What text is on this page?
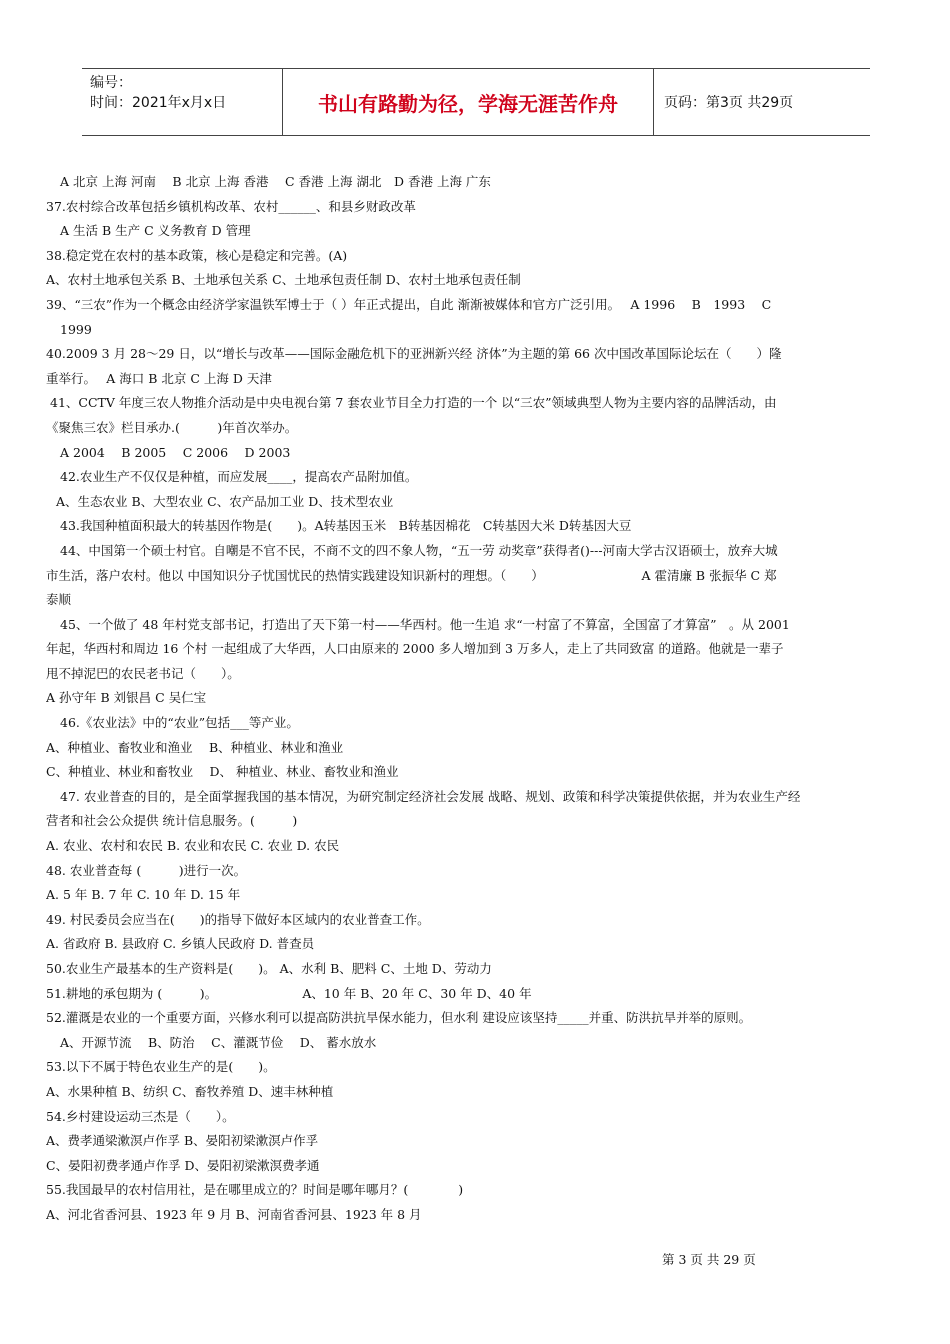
编号：
时间：2021年x月x日	书山有路勤为径，学海无涯苦作舟	页码：第3页 共29页
A 北京 上海 河南　 B 北京 上海 香港　 C 香港 上海 湖北　D 香港 上海 广东
37.农村综合改革包括乡镇机构改革、农村______、和县乡财政改革
A 生活 B 生产 C 义务教育 D 管理
38.稳定党在农村的基本政策，核心是稳定和完善。(A)
A、农村土地承包关系 B、土地承包关系 C、土地承包责任制 D、农村土地承包责任制
39、“三农”作为一个概念由经济学家温铁军博士于（ ）年正式提出，自此 渐渐被媒体和官方广泛引用。　 A 1996　 B　1993　 C
1999
40.2009 3 月 28～29 日，以“增长与改革——国际金融危机下的亚洲新兴经 济体”为主题的第 66 次中国改革国际论坛在（　　）隆
重举行。　 A 海口 B 北京 C 上海 D 天津
41、CCTV 年度三农人物推介活动是中央电视台第 7 套农业节目全力打造的一个 以“三农”领域典型人物为主要内容的品牌活动，由
《聚焦三农》栏目承办.(　　　)年首次举办。
A 2004　 B 2005　 C 2006　 D 2003
42.农业生产不仅仅是种植，而应发展____，提高农产品附加值。
A、生态农业 B、大型农业 C、农产品加工业 D、技术型农业
43.我国种植面积最大的转基因作物是(　　)。A转基因玉米　B转基因棉花　C转基因大米 D转基因大豆
44、中国第一个硕士村官。自嘲是不官不民，不商不文的四不象人物，“五一劳 动奖章”获得者()---河南大学古汉语硕士，放弃大城
市生活，落户农村。他以 中国知识分子忧国忧民的热情实践建设知识新村的理想。（　　）　　　　　　　　 A 霍清廉 B 张振华 C 郑
泰顺
45、一个做了 48 年村党支部书记，打造出了天下第一村——华西村。他一生追 求“一村富了不算富，全国富了才算富”　。从 2001
年起，华西村和周边 16 个村 一起组成了大华西，人口由原来的 2000 多人增加到 3 万多人，走上了共同致富 的道路。他就是一辈子
甩不掉泥巴的农民老书记（　　）。
A 孙守年 B 刘银昌 C 吴仁宝
46.《农业法》中的“农业”包括___等产业。
A、种植业、畜牧业和渔业　 B、种植业、林业和渔业
C、种植业、林业和畜牧业　 D、 种植业、林业、畜牧业和渔业
47. 农业普查的目的，是全面掌握我国的基本情况，为研究制定经济社会发展 战略、规划、政策和科学决策提供依据，并为农业生产经
营者和社会公众提供 统计信息服务。(　　　)
A. 农业、农村和农民 B. 农业和农民 C. 农业 D. 农民
48. 农业普查每 (　　　)进行一次。
A. 5 年 B. 7 年 C. 10 年 D. 15 年
49. 村民委员会应当在(　　)的指导下做好本区域内的农业普查工作。
A. 省政府 B. 县政府 C. 乡镇人民政府 D. 普查员
50.农业生产最基本的生产资料是(　　)。 A、水利 B、肥料 C、土地 D、劳动力
51.耕地的承包期为 (　　　)。　　　　　　　 A、10 年 B、20 年 C、30 年 D、40 年
52.灌溉是农业的一个重要方面，兴修水利可以提高防洪抗旱保水能力，但水利 建设应该坚持_____并重、防洪抗旱并举的原则。
A、开源节流　 B、防治　 C、灌溉节俭　 D、 蓄水放水
53.以下不属于特色农业生产的是(　　)。
A、水果种植 B、纺织 C、畜牧养殖 D、速丰林种植
54.乡村建设运动三杰是（　　）。
A、费孝通梁漱溟卢作孚 B、晏阳初梁漱溟卢作孚
C、晏阳初费孝通卢作孚 D、晏阳初梁漱溟费孝通
55.我国最早的农村信用社，是在哪里成立的？时间是哪年哪月？(　　　　)
A、河北省香河县、1923 年 9 月 B、河南省香河县、1923 年 8 月
第 3 页 共 29 页
